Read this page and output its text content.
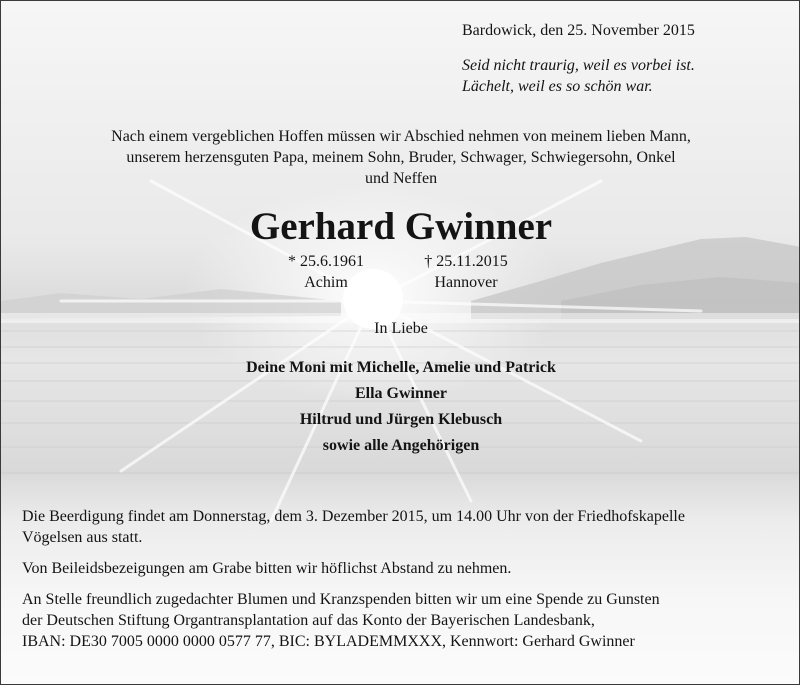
Bardowick, den 25. November 2015
Seid nicht traurig, weil es vorbei ist.
Lächelt, weil es so schön war.
Nach einem vergeblichen Hoffen müssen wir Abschied nehmen von meinem lieben Mann,
unserem herzensguten Papa, meinem Sohn, Bruder, Schwager, Schwiegersohn, Onkel
und Neffen
Gerhard Gwinner
* 25.6.1961
Achim
† 25.11.2015
Hannover
In Liebe
Deine Moni mit Michelle, Amelie und Patrick
Ella Gwinner
Hiltrud und Jürgen Klebusch
sowie alle Angehörigen
Die Beerdigung findet am Donnerstag, dem 3. Dezember 2015, um 14.00 Uhr von der Friedhofskapelle
Vögelsen aus statt.
Von Beileidsbezeigungen am Grabe bitten wir höflichst Abstand zu nehmen.
An Stelle freundlich zugedachter Blumen und Kranzspenden bitten wir um eine Spende zu Gunsten
der Deutschen Stiftung Organtransplantation auf das Konto der Bayerischen Landesbank,
IBAN: DE30 7005 0000 0000 0577 77, BIC: BYLADEMMXXX, Kennwort: Gerhard Gwinner
